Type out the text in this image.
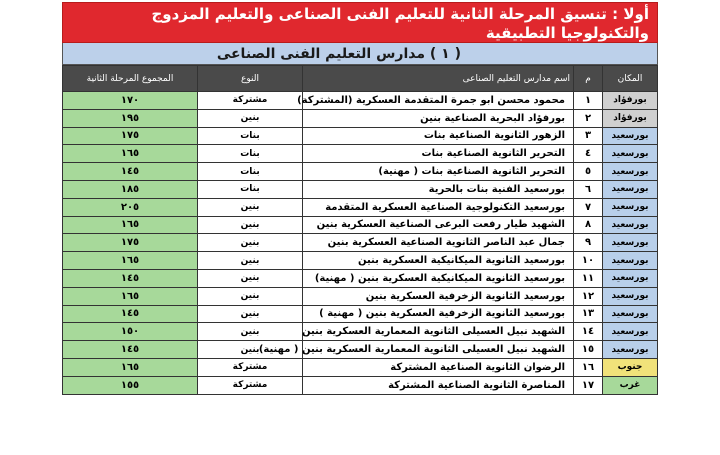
أولا : تنسيق المرحلة الثانية للتعليم الفنى الصناعى والتعليم المزدوج والتكنولوجيا التطبيقية
( ١ ) مدارس التعليم الفنى الصناعى
المكان	م	اسم مدارس التعليم الصناعى	النوع	المجموع المرحلة الثانية
بورفؤاد	١	محمود محسن ابو جمرة المتقدمة العسكرية (المشتركة)	مشتركة	١٧٠
بورفؤاد	٢	بورفؤاد البحرية الصناعية بنين	بنين	١٩٥
بورسعيد	٣	الزهور الثانوية الصناعية بنات	بنات	١٧٥
بورسعيد	٤	التحرير الثانوية الصناعية بنات	بنات	١٦٥
بورسعيد	٥	التحرير الثانوية الصناعية بنات ( مهنية)	بنات	١٤٥
بورسعيد	٦	بورسعيد الفنية بنات بالحرية	بنات	١٨٥
بورسعيد	٧	بورسعيد التكنولوجية الصناعية العسكرية المتقدمة	بنين	٢٠٥
بورسعيد	٨	الشهيد طيار رفعت البرعى الصناعية العسكرية بنين	بنين	١٦٥
بورسعيد	٩	جمال عبد الناصر الثانوية الصناعية العسكرية بنين	بنين	١٧٥
بورسعيد	١٠	بورسعيد الثانوية الميكانيكية العسكرية بنين	بنين	١٦٥
بورسعيد	١١	بورسعيد الثانوية الميكانيكية العسكرية بنين ( مهنية)	بنين	١٤٥
بورسعيد	١٢	بورسعيد الثانوية الزخرفية العسكرية بنين	بنين	١٦٥
بورسعيد	١٣	بورسعيد الثانوية الزخرفية العسكرية بنين ( مهنية )	بنين	١٤٥
بورسعيد	١٤	الشهيد نبيل العسيلى الثانوية المعمارية العسكرية بنين	بنين	١٥٠
بورسعيد	١٥	الشهيد نبيل العسيلى الثانوية المعمارية العسكرية بنين ( مهنية)	بنين	١٤٥
جنوب	١٦	الرضوان الثانوية الصناعية المشتركة	مشتركة	١٦٥
غرب	١٧	المناصرة الثانوية الصناعية المشتركة	مشتركة	١٥٥
